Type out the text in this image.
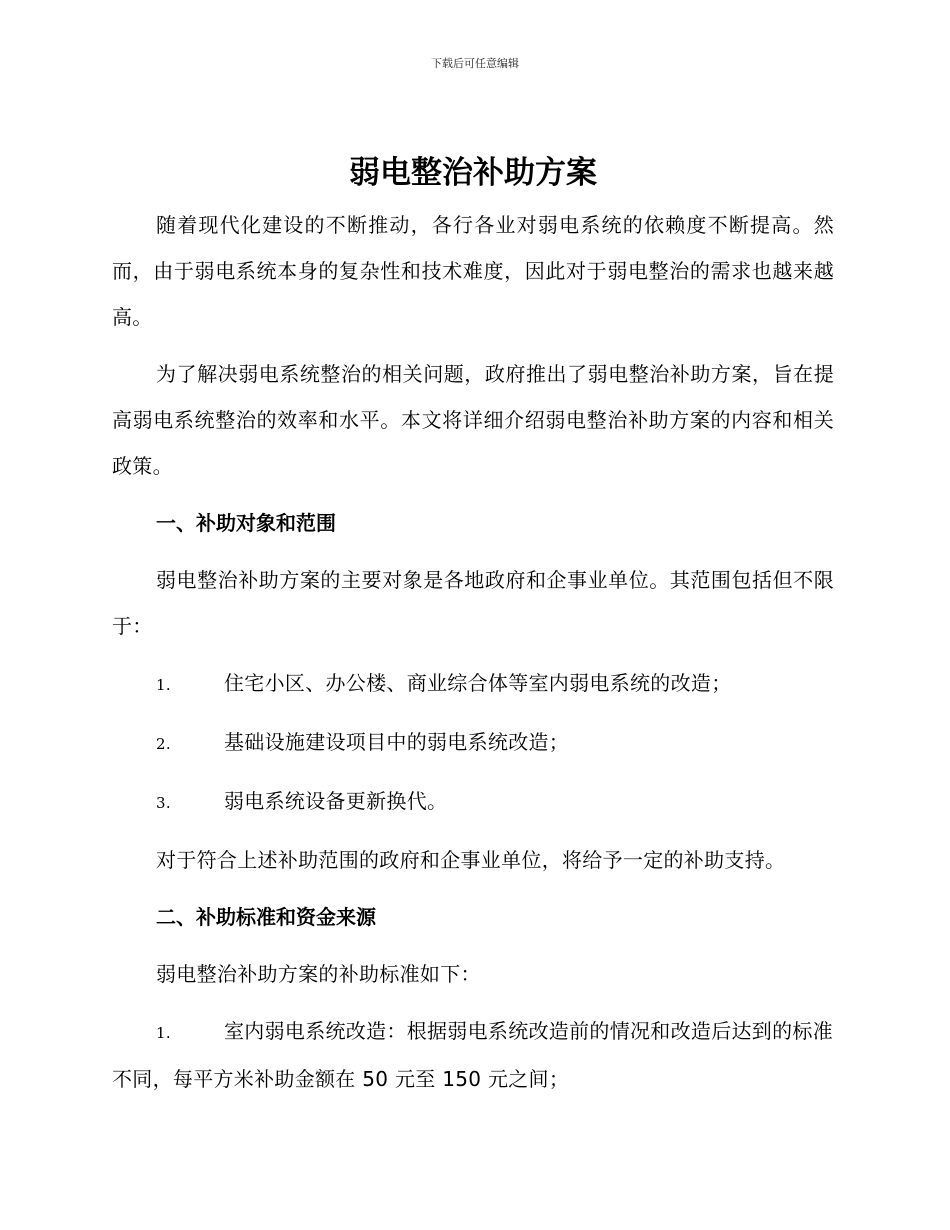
下载后可任意编辑
弱电整治补助方案

随着现代化建设的不断推动，各行各业对弱电系统的依赖度不断提高。然而，由于弱电系统本身的复杂性和技术难度，因此对于弱电整治的需求也越来越高。

为了解决弱电系统整治的相关问题，政府推出了弱电整治补助方案，旨在提高弱电系统整治的效率和水平。本文将详细介绍弱电整治补助方案的内容和相关政策。

一、补助对象和范围

弱电整治补助方案的主要对象是各地政府和企事业单位。其范围包括但不限于：

1.	住宅小区、办公楼、商业综合体等室内弱电系统的改造；
2.	基础设施建设项目中的弱电系统改造；
3.	弱电系统设备更新换代。

对于符合上述补助范围的政府和企事业单位，将给予一定的补助支持。

二、补助标准和资金来源

弱电整治补助方案的补助标准如下：

1.	室内弱电系统改造：根据弱电系统改造前的情况和改造后达到的标准不同，每平方米补助金额在 50 元至 150 元之间；
